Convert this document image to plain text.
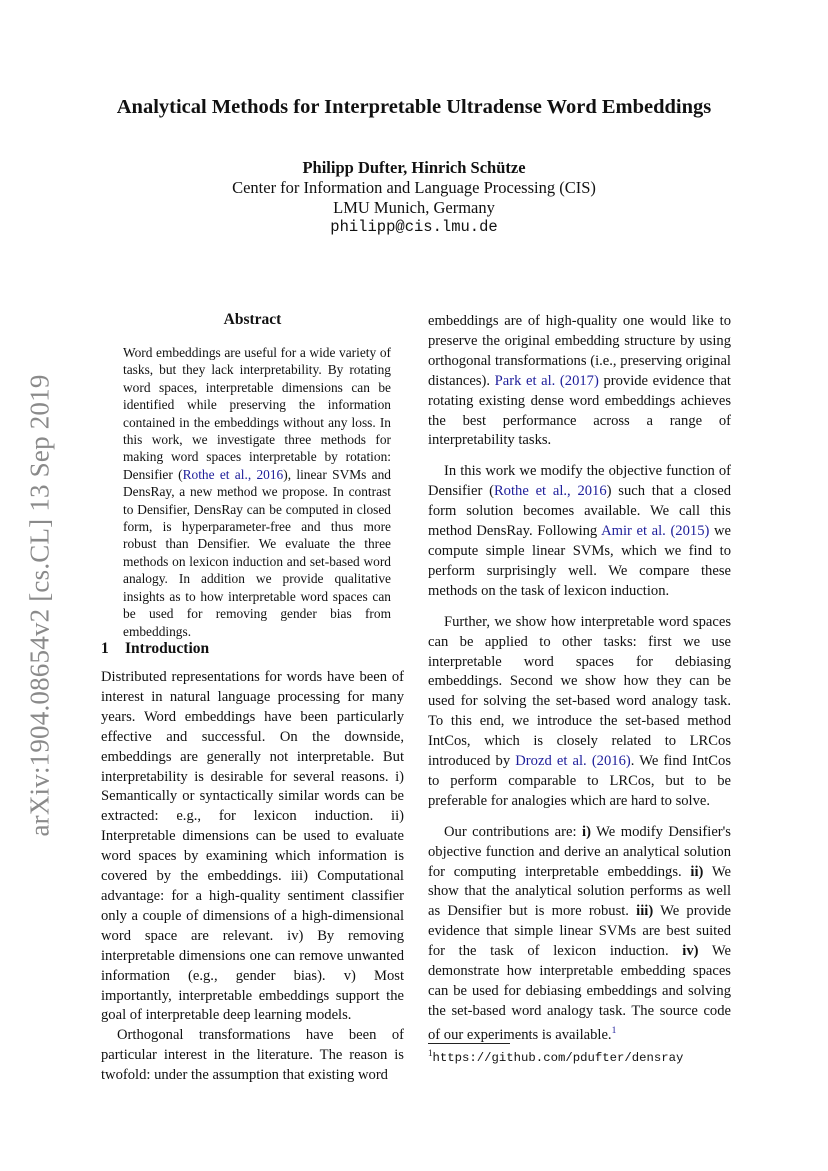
arXiv:1904.08654v2 [cs.CL] 13 Sep 2019
Analytical Methods for Interpretable Ultradense Word Embeddings
Philipp Dufter, Hinrich Schütze
Center for Information and Language Processing (CIS)
LMU Munich, Germany
philipp@cis.lmu.de
Abstract
Word embeddings are useful for a wide variety of tasks, but they lack interpretability. By rotating word spaces, interpretable dimensions can be identified while preserving the information contained in the embeddings without any loss. In this work, we investigate three methods for making word spaces interpretable by rotation: Densifier (Rothe et al., 2016), linear SVMs and DensRay, a new method we propose. In contrast to Densifier, DensRay can be computed in closed form, is hyperparameter-free and thus more robust than Densifier. We evaluate the three methods on lexicon induction and set-based word analogy. In addition we provide qualitative insights as to how interpretable word spaces can be used for removing gender bias from embeddings.
1 Introduction

Distributed representations for words have been of interest in natural language processing for many years. Word embeddings have been particularly effective and successful. On the downside, embeddings are generally not interpretable. But interpretability is desirable for several reasons. i) Semantically or syntactically similar words can be extracted: e.g., for lexicon induction. ii) Interpretable dimensions can be used to evaluate word spaces by examining which information is covered by the embeddings. iii) Computational advantage: for a high-quality sentiment classifier only a couple of dimensions of a high-dimensional word space are relevant. iv) By removing interpretable dimensions one can remove unwanted information (e.g., gender bias). v) Most importantly, interpretable embeddings support the goal of interpretable deep learning models.

Orthogonal transformations have been of particular interest in the literature. The reason is twofold: under the assumption that existing word

embeddings are of high-quality one would like to preserve the original embedding structure by using orthogonal transformations (i.e., preserving original distances). Park et al. (2017) provide evidence that rotating existing dense word embeddings achieves the best performance across a range of interpretability tasks.

In this work we modify the objective function of Densifier (Rothe et al., 2016) such that a closed form solution becomes available. We call this method DensRay. Following Amir et al. (2015) we compute simple linear SVMs, which we find to perform surprisingly well. We compare these methods on the task of lexicon induction.

Further, we show how interpretable word spaces can be applied to other tasks: first we use interpretable word spaces for debiasing embeddings. Second we show how they can be used for solving the set-based word analogy task. To this end, we introduce the set-based method IntCos, which is closely related to LRCos introduced by Drozd et al. (2016). We find IntCos to perform comparable to LRCos, but to be preferable for analogies which are hard to solve.

Our contributions are: i) We modify Densifier's objective function and derive an analytical solution for computing interpretable embeddings. ii) We show that the analytical solution performs as well as Densifier but is more robust. iii) We provide evidence that simple linear SVMs are best suited for the task of lexicon induction. iv) We demonstrate how interpretable embedding spaces can be used for debiasing embeddings and solving the set-based word analogy task. The source code of our experiments is available.$^1$

$^1$https://github.com/pdufter/densray
